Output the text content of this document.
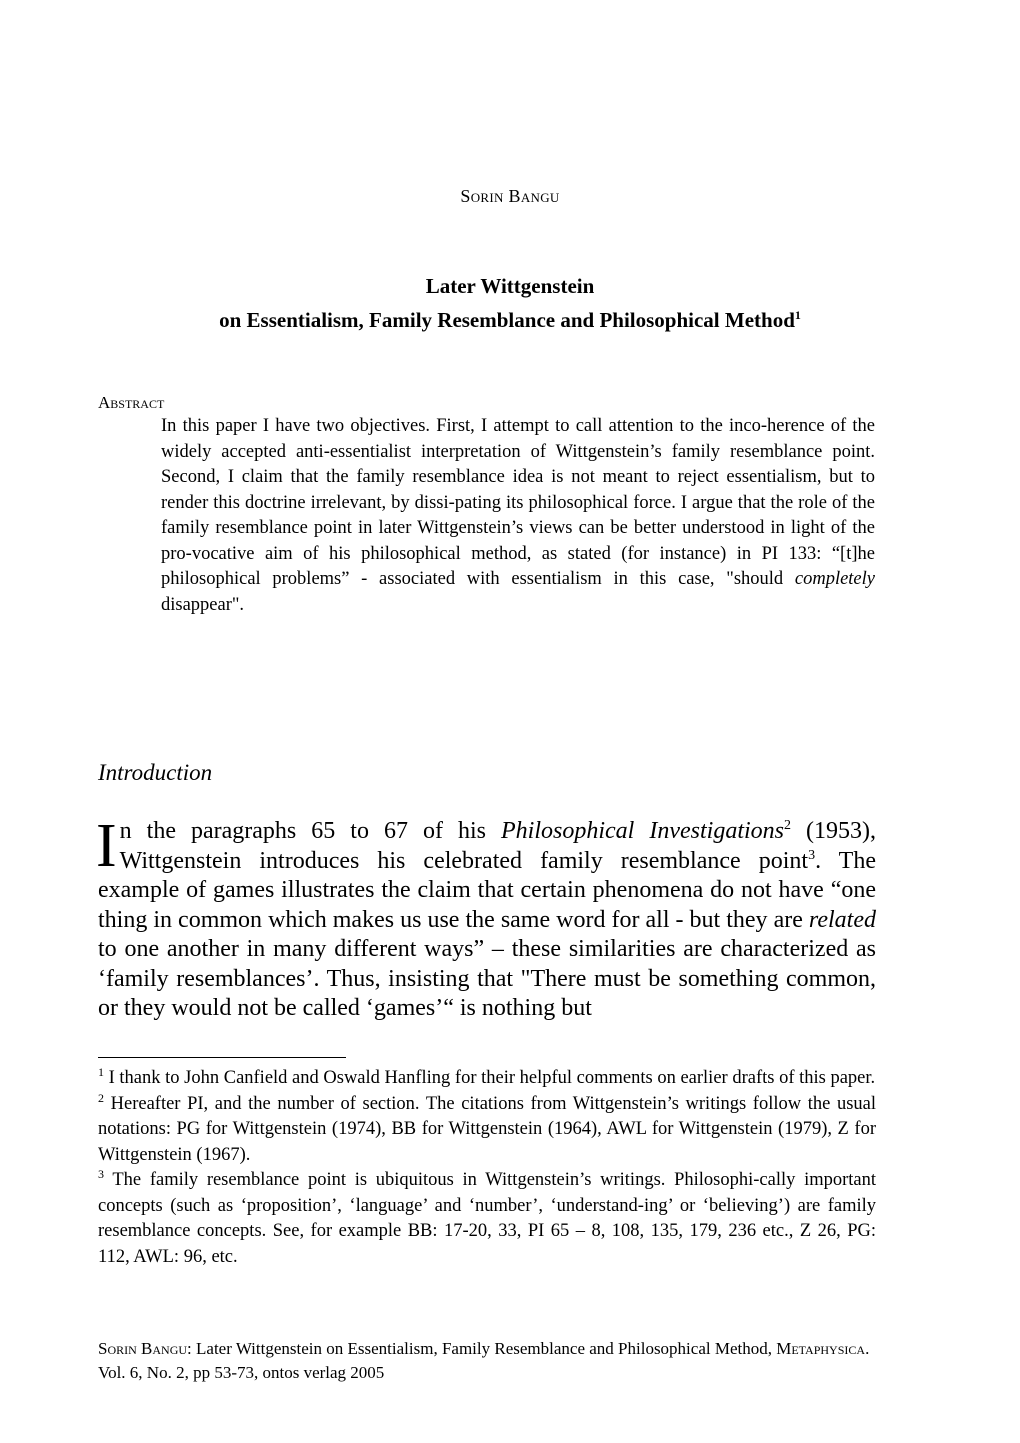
Sorin Bangu
Later Wittgenstein
on Essentialism, Family Resemblance and Philosophical Method$^1$
Abstract
In this paper I have two objectives. First, I attempt to call attention to the inco-herence of the widely accepted anti-essentialist interpretation of Wittgenstein’s family resemblance point. Second, I claim that the family resemblance idea is not meant to reject essentialism, but to render this doctrine irrelevant, by dissi-pating its philosophical force. I argue that the role of the family resemblance point in later Wittgenstein’s views can be better understood in light of the pro-vocative aim of his philosophical method, as stated (for instance) in PI 133: “[t]he philosophical problems” - associated with essentialism in this case, "should completely disappear".
Introduction
In the paragraphs 65 to 67 of his Philosophical Investigations$^2$ (1953), Wittgenstein introduces his celebrated family resemblance point$^3$. The example of games illustrates the claim that certain phenomena do not have “one thing in common which makes us use the same word for all - but they are related to one another in many different ways” – these similarities are characterized as ‘family resemblances’. Thus, insisting that "There must be something common, or they would not be called ‘games’“ is nothing but

$^1$ I thank to John Canfield and Oswald Hanfling for their helpful comments on earlier drafts of this paper.

$^2$ Hereafter PI, and the number of section. The citations from Wittgenstein’s writings follow the usual notations: PG for Wittgenstein (1974), BB for Wittgenstein (1964), AWL for Wittgenstein (1979), Z for Wittgenstein (1967).

$^3$ The family resemblance point is ubiquitous in Wittgenstein’s writings. Philosophi-cally important concepts (such as ‘proposition’, ‘language’ and ‘number’, ‘understand-ing’ or ‘believing’) are family resemblance concepts. See, for example BB: 17-20, 33, PI 65 – 8, 108, 135, 179, 236 etc., Z 26, PG: 112, AWL: 96, etc.

Sorin Bangu: Later Wittgenstein on Essentialism, Family Resemblance and Philosophical Method, Metaphysica. Vol. 6, No. 2, pp 53-73, ontos verlag 2005
